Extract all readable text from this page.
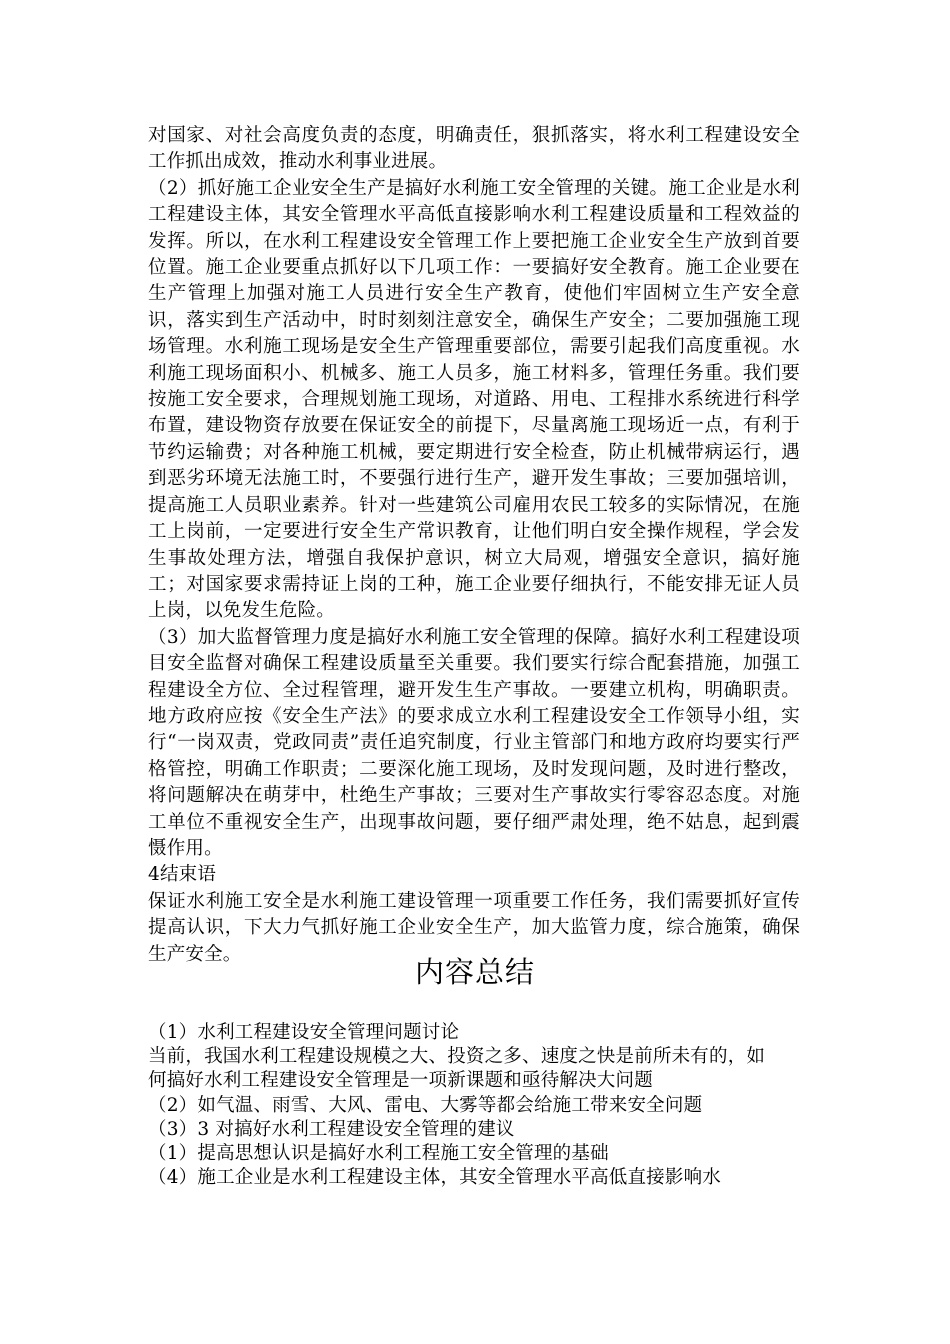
对国家、对社会高度负责的态度，明确责任，狠抓落实，将水利工程建设安全工作抓出成效，推动水利事业进展。

（2）抓好施工企业安全生产是搞好水利施工安全管理的关键。施工企业是水利工程建设主体，其安全管理水平高低直接影响水利工程建设质量和工程效益的发挥。所以，在水利工程建设安全管理工作上要把施工企业安全生产放到首要位置。施工企业要重点抓好以下几项工作：一要搞好安全教育。施工企业要在生产管理上加强对施工人员进行安全生产教育，使他们牢固树立生产安全意识，落实到生产活动中，时时刻刻注意安全，确保生产安全；二要加强施工现场管理。水利施工现场是安全生产管理重要部位，需要引起我们高度重视。水利施工现场面积小、机械多、施工人员多，施工材料多，管理任务重。我们要按施工安全要求，合理规划施工现场，对道路、用电、工程排水系统进行科学布置，建设物资存放要在保证安全的前提下，尽量离施工现场近一点，有利于节约运输费；对各种施工机械，要定期进行安全检查，防止机械带病运行，遇到恶劣环境无法施工时，不要强行进行生产，避开发生事故；三要加强培训，提高施工人员职业素养。针对一些建筑公司雇用农民工较多的实际情况，在施工上岗前，一定要进行安全生产常识教育，让他们明白安全操作规程，学会发生事故处理方法，增强自我保护意识，树立大局观，增强安全意识，搞好施工；对国家要求需持证上岗的工种，施工企业要仔细执行，不能安排无证人员上岗，以免发生危险。

（3）加大监督管理力度是搞好水利施工安全管理的保障。搞好水利工程建设项目安全监督对确保工程建设质量至关重要。我们要实行综合配套措施，加强工程建设全方位、全过程管理，避开发生生产事故。一要建立机构，明确职责。地方政府应按《安全生产法》的要求成立水利工程建设安全工作领导小组，实行“一岗双责，党政同责”责任追究制度，行业主管部门和地方政府均要实行严格管控，明确工作职责；二要深化施工现场，及时发现问题，及时进行整改，将问题解决在萌芽中，杜绝生产事故；三要对生产事故实行零容忍态度。对施工单位不重视安全生产，出现事故问题，要仔细严肃处理，绝不姑息，起到震慑作用。

4结束语

保证水利施工安全是水利施工建设管理一项重要工作任务，我们需要抓好宣传提高认识，下大力气抓好施工企业安全生产，加大监管力度，综合施策，确保生产安全。

内容总结

（1）水利工程建设安全管理问题讨论

当前，我国水利工程建设规模之大、投资之多、速度之快是前所未有的，如何搞好水利工程建设安全管理是一项新课题和亟待解决大问题

（2）如气温、雨雪、大风、雷电、大雾等都会给施工带来安全问题

（3）3 对搞好水利工程建设安全管理的建议

（1）提高思想认识是搞好水利工程施工安全管理的基础

（4）施工企业是水利工程建设主体，其安全管理水平高低直接影响水
